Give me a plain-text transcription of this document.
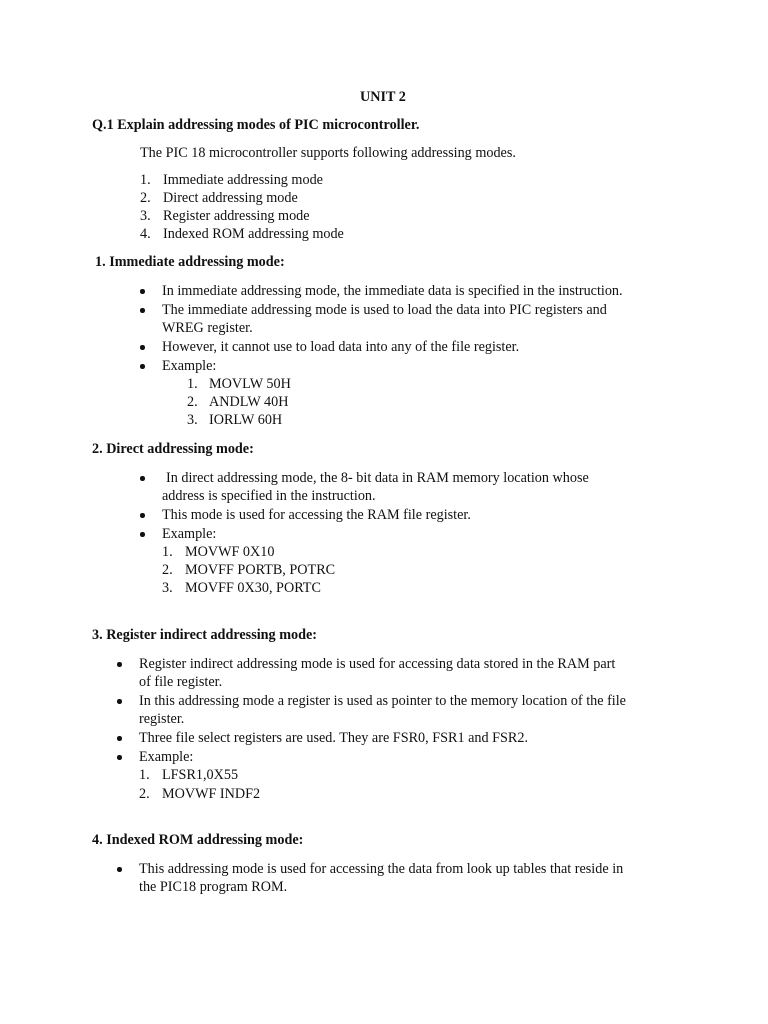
UNIT 2
Q.1 Explain addressing modes of PIC microcontroller.
The PIC 18 microcontroller supports following addressing modes.
1. Immediate addressing mode
2. Direct addressing mode
3. Register addressing mode
4. Indexed ROM addressing mode
1. Immediate addressing mode:
In immediate addressing mode, the immediate data is specified in the instruction.
The immediate addressing mode is used to load the data into PIC registers and
WREG register.
However, it cannot use to load data into any of the file register.
Example:
1. MOVLW 50H
2. ANDLW 40H
3. IORLW 60H
2. Direct addressing mode:
In direct addressing mode, the 8- bit data in RAM memory location whose
address is specified in the instruction.
This mode is used for accessing the RAM file register.
Example:
1. MOVWF 0X10
2. MOVFF PORTB, POTRC
3. MOVFF 0X30, PORTC
3. Register indirect addressing mode:
Register indirect addressing mode is used for accessing data stored in the RAM part
of file register.
In this addressing mode a register is used as pointer to the memory location of the file
register.
Three file select registers are used. They are FSR0, FSR1 and FSR2.
Example:
1. LFSR1,0X55
2. MOVWF INDF2
4. Indexed ROM addressing mode:
This addressing mode is used for accessing the data from look up tables that reside in
the PIC18 program ROM.
